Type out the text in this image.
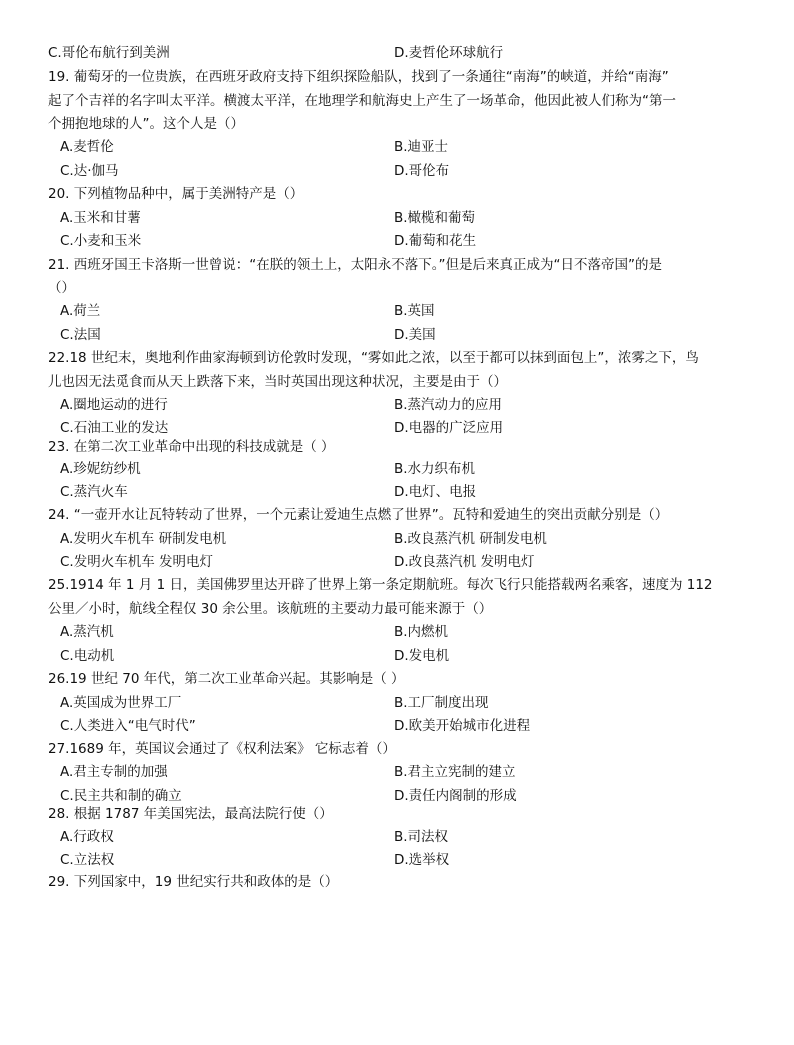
C.哥伦布航行到美洲	D.麦哲伦环球航行
19. 葡萄牙的一位贵族，在西班牙政府支持下组织探险船队，找到了一条通往“南海”的峡道，并给“南海”
起了个吉祥的名字叫太平洋。横渡太平洋，在地理学和航海史上产生了一场革命，他因此被人们称为“第一
个拥抱地球的人”。这个人是（）
A.麦哲伦	B.迪亚士
C.达·伽马	D.哥伦布
20. 下列植物品种中，属于美洲特产是（）
A.玉米和甘薯	B.橄榄和葡萄
C.小麦和玉米	D.葡萄和花生
21. 西班牙国王卡洛斯一世曾说：“在朕的领土上，太阳永不落下。”但是后来真正成为“日不落帝国”的是
（）
A.荷兰	B.英国
C.法国	D.美国
22.18 世纪末，奥地利作曲家海顿到访伦敦时发现，“雾如此之浓，以至于都可以抹到面包上”，浓雾之下，鸟
儿也因无法觅食而从天上跌落下来，当时英国出现这种状况，主要是由于（）
A.圈地运动的进行	B.蒸汽动力的应用
C.石油工业的发达	D.电器的广泛应用
23. 在第二次工业革命中出现的科技成就是（ ）
A.珍妮纺纱机	B.水力织布机
C.蒸汽火车	D.电灯、电报
24. “一壶开水让瓦特转动了世界，一个元素让爱迪生点燃了世界”。瓦特和爱迪生的突出贡献分别是（）
A.发明火车机车 研制发电机	B.改良蒸汽机 研制发电机
C.发明火车机车 发明电灯	D.改良蒸汽机 发明电灯
25.1914 年 1 月 1 日，美国佛罗里达开辟了世界上第一条定期航班。每次飞行只能搭载两名乘客，速度为 112
公里／小时，航线全程仅 30 余公里。该航班的主要动力最可能来源于（）
A.蒸汽机	B.内燃机
C.电动机	D.发电机
26.19 世纪 70 年代，第二次工业革命兴起。其影响是（ ）
A.英国成为世界工厂	B.工厂制度出现
C.人类进入“电气时代”	D.欧美开始城市化进程
27.1689 年，英国议会通过了《权利法案》 它标志着（）
A.君主专制的加强	B.君主立宪制的建立
C.民主共和制的确立	D.责任内阁制的形成
28. 根据 1787 年美国宪法，最高法院行使（）
A.行政权	B.司法权
C.立法权	D.选举权
29. 下列国家中，19 世纪实行共和政体的是（）
